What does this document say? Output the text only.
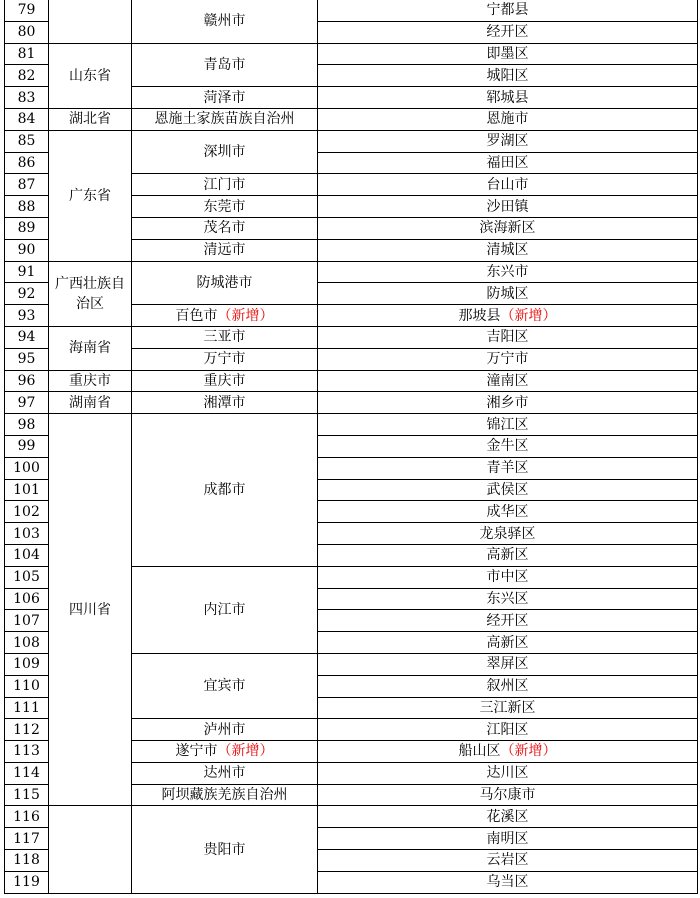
79		赣州市	宁都县
80			经开区
81	山东省	青岛市	即墨区
82			城阳区
83		菏泽市	郓城县
84	湖北省	恩施土家族苗族自治州	恩施市
85	广东省	深圳市	罗湖区
86			福田区
87		江门市	台山市
88		东莞市	沙田镇
89		茂名市	滨海新区
90		清远市	清城区
91	广西壮族自治区	防城港市	东兴市
92			防城区
93		百色市（新增）	那坡县（新增）
94	海南省	三亚市	吉阳区
95		万宁市	万宁市
96	重庆市	重庆市	潼南区
97	湖南省	湘潭市	湘乡市
98	四川省	成都市	锦江区
99			金牛区
100			青羊区
101			武侯区
102			成华区
103			龙泉驿区
104			高新区
105		内江市	市中区
106			东兴区
107			经开区
108			高新区
109		宜宾市	翠屏区
110			叙州区
111			三江新区
112		泸州市	江阳区
113		遂宁市（新增）	船山区（新增）
114		达州市	达川区
115		阿坝藏族羌族自治州	马尔康市
116		贵阳市	花溪区
117			南明区
118			云岩区
119			乌当区
